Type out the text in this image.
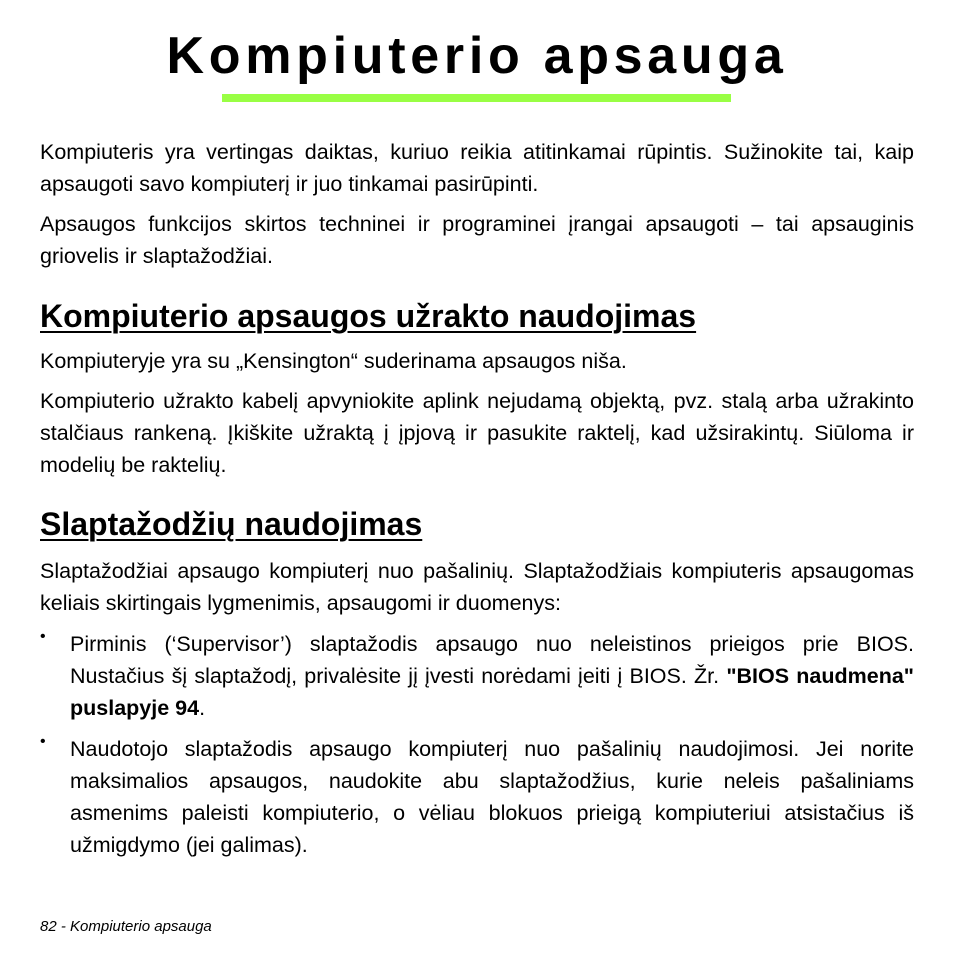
Kompiuterio apsauga

Kompiuteris yra vertingas daiktas, kuriuo reikia atitinkamai rūpintis. Sužinokite tai, kaip apsaugoti savo kompiuterį ir juo tinkamai pasirūpinti.

Apsaugos funkcijos skirtos techninei ir programinei įrangai apsaugoti – tai apsauginis griovelis ir slaptažodžiai.

Kompiuterio apsaugos užrakto naudojimas

Kompiuteryje yra su „Kensington“ suderinama apsaugos niša.

Kompiuterio užrakto kabelį apvyniokite aplink nejudamą objektą, pvz. stalą arba užrakinto stalčiaus rankeną. Įkiškite užraktą į įpjovą ir pasukite raktelį, kad užsirakintų. Siūloma ir modelių be raktelių.

Slaptažodžių naudojimas

Slaptažodžiai apsaugo kompiuterį nuo pašalinių. Slaptažodžiais kompiuteris apsaugomas keliais skirtingais lygmenimis, apsaugomi ir duomenys:

• Pirminis (‘Supervisor’) slaptažodis apsaugo nuo neleistinos prieigos prie BIOS. Nustačius šį slaptažodį, privalėsite jį įvesti norėdami įeiti į BIOS. Žr. "BIOS naudmena" puslapyje 94.

• Naudotojo slaptažodis apsaugo kompiuterį nuo pašalinių naudojimosi. Jei norite maksimalios apsaugos, naudokite abu slaptažodžius, kurie neleis pašaliniams asmenims paleisti kompiuterio, o vėliau blokuos prieigą kompiuteriui atsistačius iš užmigdymo (jei galimas).

82 - Kompiuterio apsauga
